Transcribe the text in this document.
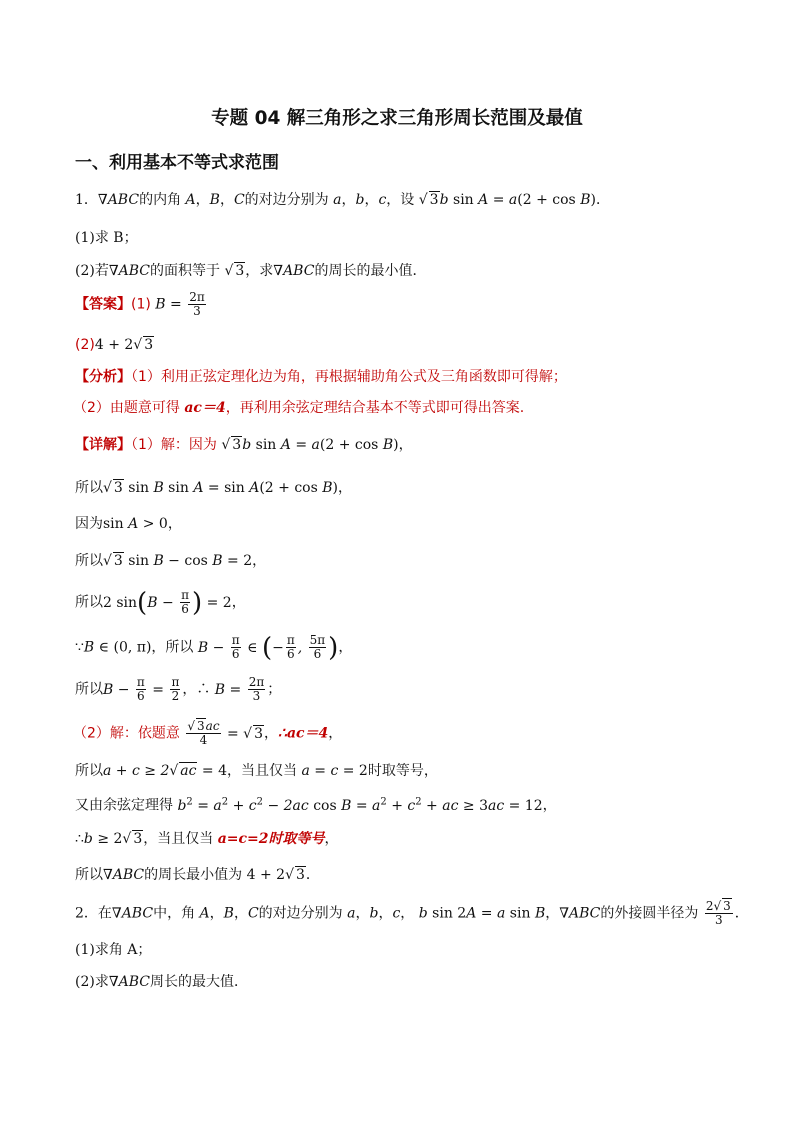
专题 04 解三角形之求三角形周长范围及最值
一、利用基本不等式求范围
1．∇ABC的内角 A，B，C的对边分别为 a，b，c，设 √ 3b sin A = a(2 + cos B)．
(1)求 B；
(2)若∇ABC的面积等于 √ 3，求∇ABC的周长的最小值．
【答案】(1) $B = \frac{2\pi}{3}$
(2)4 + 2√ 3
【分析】（1）利用正弦定理化边为角，再根据辅助角公式及三角函数即可得解；
（2）由题意可得 ac＝4，再利用余弦定理结合基本不等式即可得出答案.
【详解】（1）解：因为 √ 3b sin A = a(2 + cos B)，
所以√ 3 sin B sin A = sin A(2 + cos B)，
因为sin A > 0，
所以√ 3 sin B − cos B = 2，
所以2 $\sin(B - \frac{\pi}{6}$ ) = 2，
∵B ∈ (0, π)，所以 $B - \frac{\pi}{6}$ ∈ (− $\frac{\pi}{6}$ , $\frac{5\pi}{6}$ )，
所以$B - \frac{\pi}{6} = \frac{\pi}{2}$ ，∴ $B = \frac{2\pi}{3}$ ；
（2）解：依题意 $\frac{√ 3ac}{4}$ = √ 3，∴ac＝4，
所以a + c ≥ 2√ ac = 4，当且仅当 a = c = 2时取等号，
又由余弦定理得 $b^2 = a^2 + c^2 - 2ac$ $\cos B = a^2 + c^2$ + ac ≥ 3ac = 12，
∴b ≥ 2√ 3，当且仅当 a=c=2时取等号，
所以∇ABC的周长最小值为 4 + 2√ 3．
2．在∇ABC中，角 A，B，C的对边分别为 a，b，c， b sin 2A = a sin B，∇ABC的外接圆半径为 $\frac{2√ 3}{3}$ ．
(1)求角 A；
(2)求∇ABC周长的最大值．
